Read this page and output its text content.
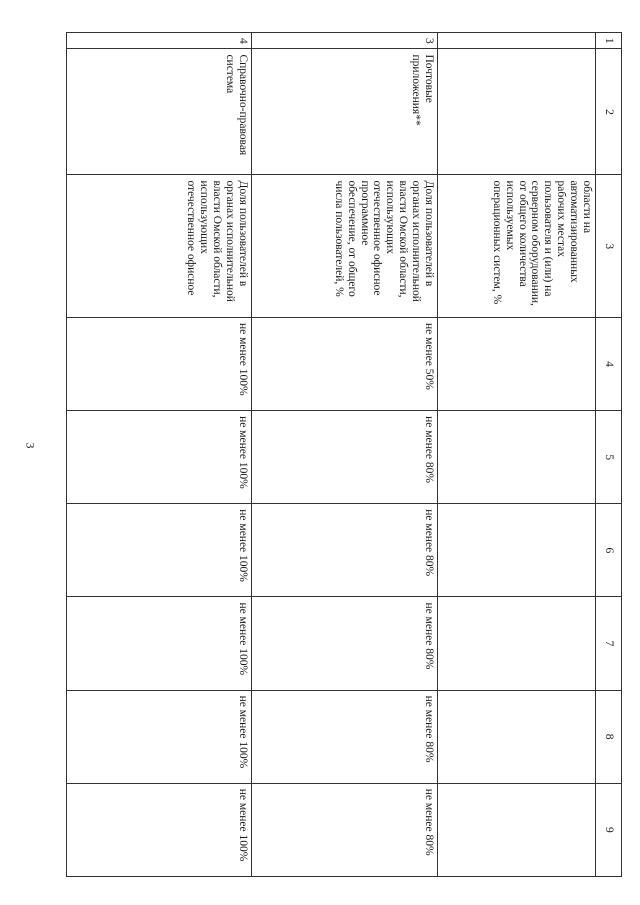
3
1	2	3	4	5	6	7	8	9
		области на автоматизированных рабочих местах пользователя и (или) на серверном оборудовании, от общего количества используемых операционных систем, %						
3	Почтовые приложения**	Доля пользователей в органах исполнительной власти Омской области, использующих отечественное офисное программное обеспечение, от общего числа пользователей, %	не менее 50%	не менее 80%	не менее 80%	не менее 80%	не менее 80%	не менее 80%
4	Справочно-правовая система	Доля пользователей в органах исполнительной власти Омской области, использующих отечественное офисное	не менее 100%	не менее 100%	не менее 100%	не менее 100%	не менее 100%	не менее 100%
